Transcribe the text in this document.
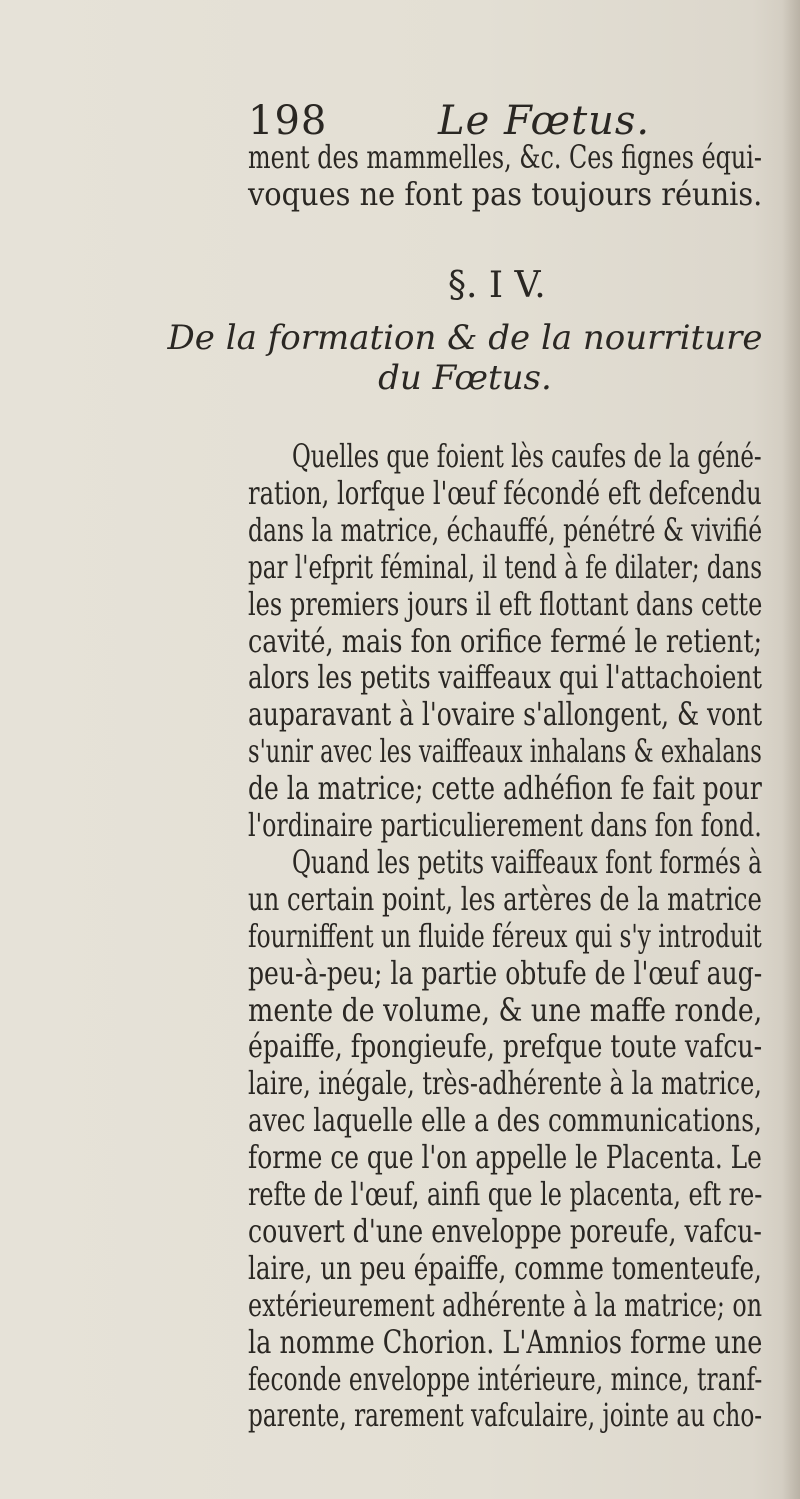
198	Le Fœtus.
ment des mammelles, &c. Ces fignes équi-
voques ne font pas toujours réunis.
§. I V.
De la formation & de la nourriture
du Fœtus.
Quelles que foient lès caufes de la géné-
ration, lorfque l'œuf fécondé eft defcendu
dans la matrice, échauffé, pénétré & vivifié
par l'efprit féminal, il tend à fe dilater; dans
les premiers jours il eft flottant dans cette
cavité, mais fon orifice fermé le retient;
alors les petits vaiffeaux qui l'attachoient
auparavant à l'ovaire s'allongent, & vont
s'unir avec les vaiffeaux inhalans & exhalans
de la matrice; cette adhéfion fe fait pour
l'ordinaire particulierement dans fon fond.
Quand les petits vaiffeaux font formés à
un certain point, les artères de la matrice
fourniffent un fluide féreux qui s'y introduit
peu-à-peu; la partie obtufe de l'œuf aug-
mente de volume, & une maffe ronde,
épaiffe, fpongieufe, prefque toute vafcu-
laire, inégale, très-adhérente à la matrice,
avec laquelle elle a des communications,
forme ce que l'on appelle le Placenta. Le
refte de l'œuf, ainfi que le placenta, eft re-
couvert d'une enveloppe poreufe, vafcu-
laire, un peu épaiffe, comme tomenteufe,
extérieurement adhérente à la matrice; on
la nomme Chorion. L'Amnios forme une
feconde enveloppe intérieure, mince, tranf-
parente, rarement vafculaire, jointe au cho-
